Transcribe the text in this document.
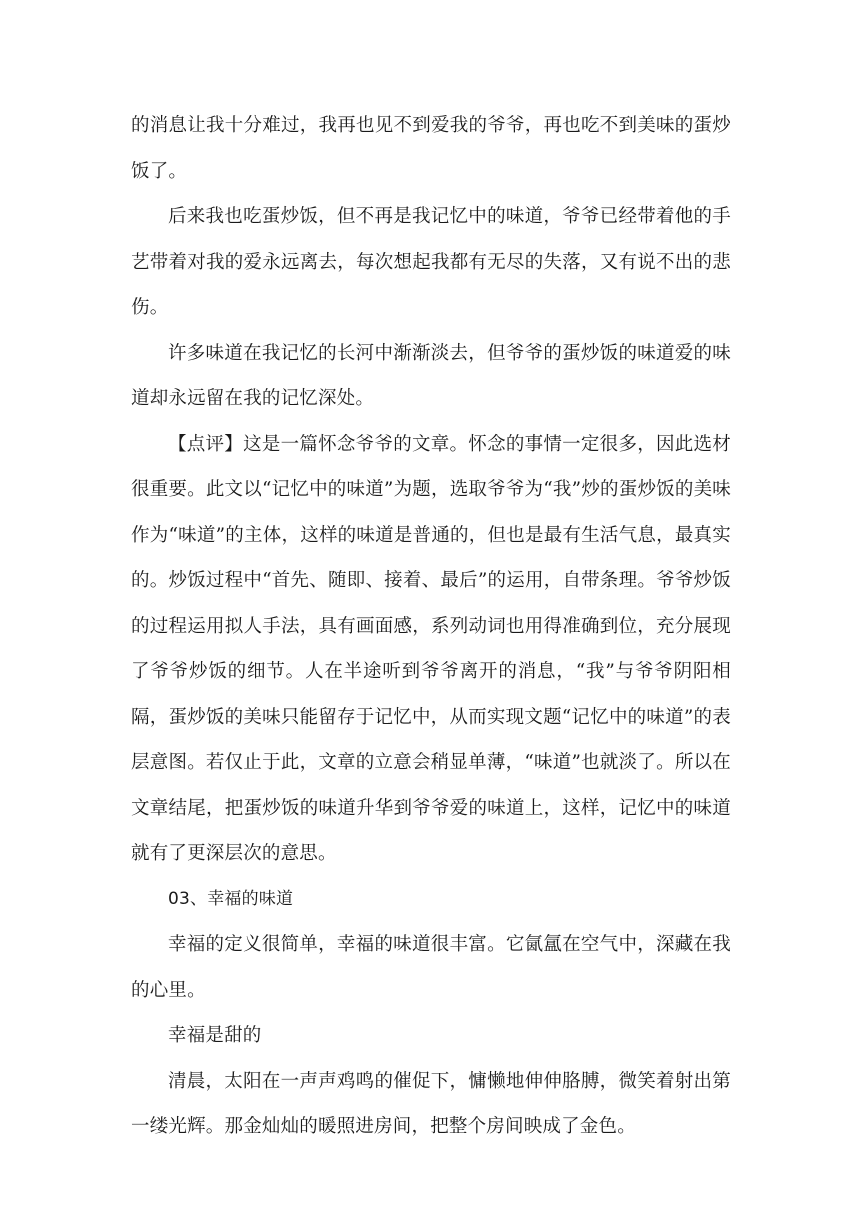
的消息让我十分难过，我再也见不到爱我的爷爷，再也吃不到美味的蛋炒饭了。

后来我也吃蛋炒饭，但不再是我记忆中的味道，爷爷已经带着他的手艺带着对我的爱永远离去，每次想起我都有无尽的失落，又有说不出的悲伤。

许多味道在我记忆的长河中渐渐淡去，但爷爷的蛋炒饭的味道爱的味道却永远留在我的记忆深处。

【点评】这是一篇怀念爷爷的文章。怀念的事情一定很多，因此选材很重要。此文以“记忆中的味道”为题，选取爷爷为“我”炒的蛋炒饭的美味作为“味道”的主体，这样的味道是普通的，但也是最有生活气息，最真实的。炒饭过程中“首先、随即、接着、最后”的运用，自带条理。爷爷炒饭的过程运用拟人手法，具有画面感，系列动词也用得准确到位，充分展现了爷爷炒饭的细节。人在半途听到爷爷离开的消息，“我”与爷爷阴阳相隔，蛋炒饭的美味只能留存于记忆中，从而实现文题“记忆中的味道”的表层意图。若仅止于此，文章的立意会稍显单薄，“味道”也就淡了。所以在文章结尾，把蛋炒饭的味道升华到爷爷爱的味道上，这样，记忆中的味道就有了更深层次的意思。

03、幸福的味道

幸福的定义很简单，幸福的味道很丰富。它氤氲在空气中，深藏在我的心里。

幸福是甜的

清晨，太阳在一声声鸡鸣的催促下，慵懒地伸伸胳膊，微笑着射出第一缕光辉。那金灿灿的暖照进房间，把整个房间映成了金色。
